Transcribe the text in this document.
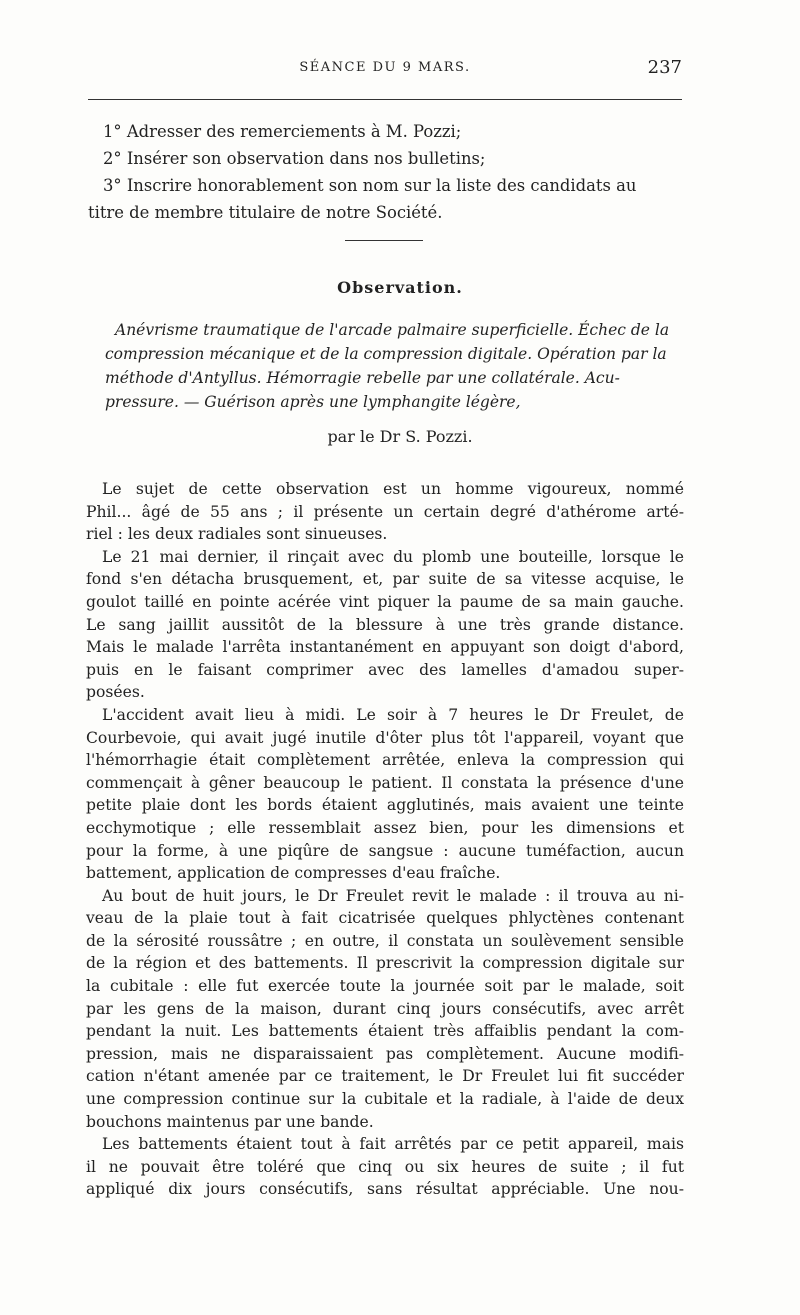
SÉANCE DU 9 MARS.	237

1° Adresser des remerciements à M. Pozzi;

2° Insérer son observation dans nos bulletins;

3° Inscrire honorablement son nom sur la liste des candidats au

titre de membre titulaire de notre Société.

Observation.
Anévrisme traumatique de l'arcade palmaire superficielle. Échec de la
compression mécanique et de la compression digitale. Opération par la
méthode d'Antyllus. Hémorragie rebelle par une collatérale. Acu-
pressure. — Guérison après une lymphangite légère,
par le Dr S. Pozzi.
Le sujet de cette observation est un homme vigoureux, nommé
Phil... âgé de 55 ans ; il présente un certain degré d'athérome arté-
riel : les deux radiales sont sinueuses.
Le 21 mai dernier, il rinçait avec du plomb une bouteille, lorsque le
fond s'en détacha brusquement, et, par suite de sa vitesse acquise, le
goulot taillé en pointe acérée vint piquer la paume de sa main gauche.
Le sang jaillit aussitôt de la blessure à une très grande distance.
Mais le malade l'arrêta instantanément en appuyant son doigt d'abord,
puis en le faisant comprimer avec des lamelles d'amadou super-
posées.
L'accident avait lieu à midi. Le soir à 7 heures le Dr Freulet, de
Courbevoie, qui avait jugé inutile d'ôter plus tôt l'appareil, voyant que
l'hémorrhagie était complètement arrêtée, enleva la compression qui
commençait à gêner beaucoup le patient. Il constata la présence d'une
petite plaie dont les bords étaient agglutinés, mais avaient une teinte
ecchymotique ; elle ressemblait assez bien, pour les dimensions et
pour la forme, à une piqûre de sangsue : aucune tuméfaction, aucun
battement, application de compresses d'eau fraîche.
Au bout de huit jours, le Dr Freulet revit le malade : il trouva au ni-
veau de la plaie tout à fait cicatrisée quelques phlyctènes contenant
de la sérosité roussâtre ; en outre, il constata un soulèvement sensible
de la région et des battements. Il prescrivit la compression digitale sur
la cubitale : elle fut exercée toute la journée soit par le malade, soit
par les gens de la maison, durant cinq jours consécutifs, avec arrêt
pendant la nuit. Les battements étaient très affaiblis pendant la com-
pression, mais ne disparaissaient pas complètement. Aucune modifi-
cation n'étant amenée par ce traitement, le Dr Freulet lui fit succéder
une compression continue sur la cubitale et la radiale, à l'aide de deux
bouchons maintenus par une bande.
Les battements étaient tout à fait arrêtés par ce petit appareil, mais
il ne pouvait être toléré que cinq ou six heures de suite ; il fut
appliqué dix jours consécutifs, sans résultat appréciable. Une nou-
